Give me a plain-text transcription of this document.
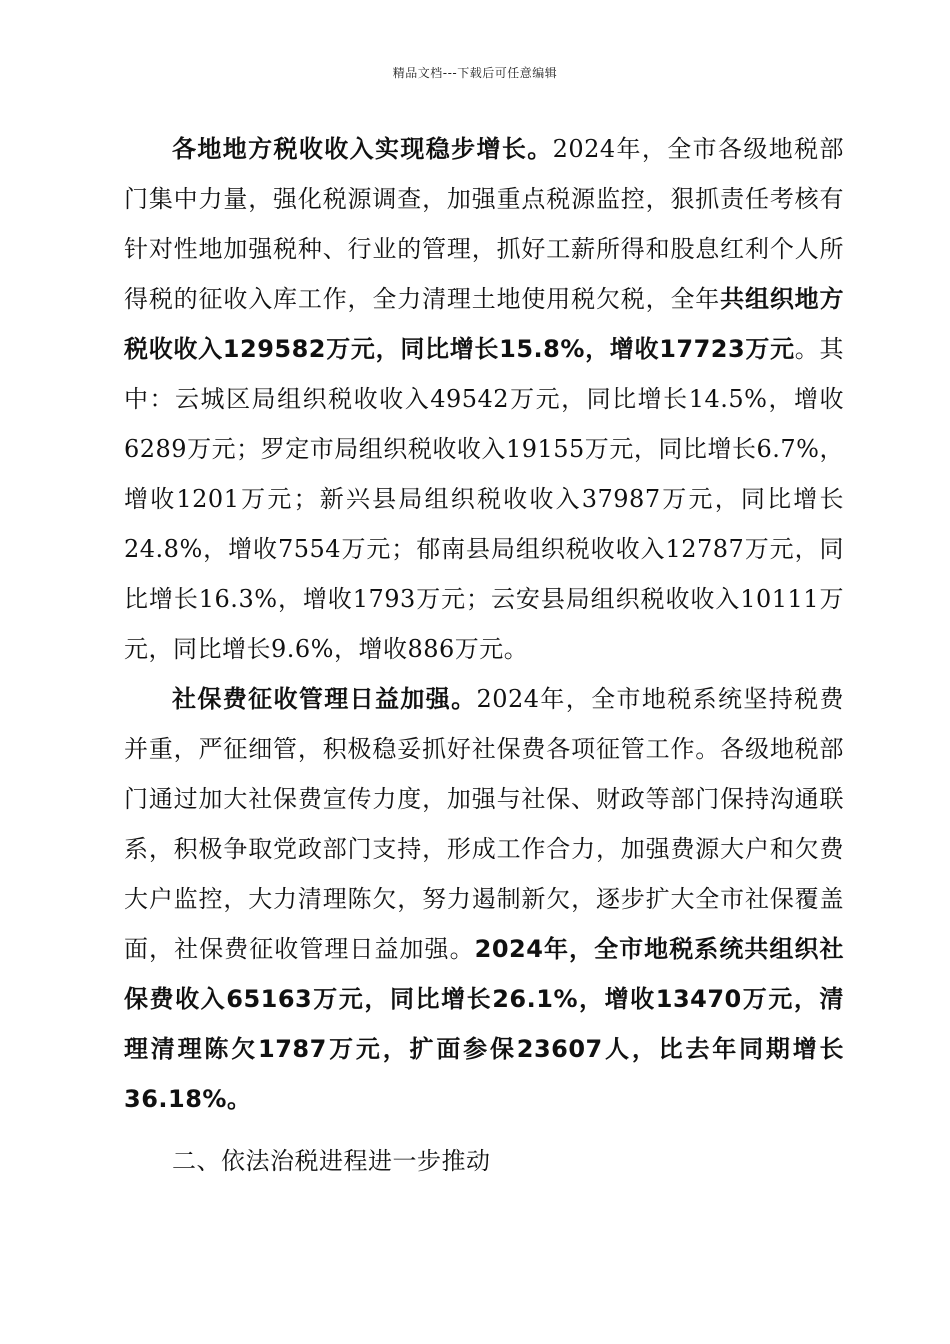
精品文档---下载后可任意编辑

各地地方税收收入实现稳步增长。2024年，全市各级地税部门集中力量，强化税源调查，加强重点税源监控，狠抓责任考核有针对性地加强税种、行业的管理，抓好工薪所得和股息红利个人所得税的征收入库工作，全力清理土地使用税欠税，全年共组织地方税收收入129582万元，同比增长15.8%，增收17723万元。其中：云城区局组织税收收入49542万元，同比增长14.5%，增收6289万元；罗定市局组织税收收入19155万元，同比增长6.7%，增收1201万元；新兴县局组织税收收入37987万元，同比增长24.8%，增收7554万元；郁南县局组织税收收入12787万元，同比增长16.3%，增收1793万元；云安县局组织税收收入10111万元，同比增长9.6%，增收886万元。

社保费征收管理日益加强。2024年，全市地税系统坚持税费并重，严征细管，积极稳妥抓好社保费各项征管工作。各级地税部门通过加大社保费宣传力度，加强与社保、财政等部门保持沟通联系，积极争取党政部门支持，形成工作合力，加强费源大户和欠费大户监控，大力清理陈欠，努力遏制新欠，逐步扩大全市社保覆盖面，社保费征收管理日益加强。2024年，全市地税系统共组织社保费收入65163万元，同比增长26.1%，增收13470万元，清理清理陈欠1787万元，扩面参保23607人，比去年同期增长36.18%。

二、依法治税进程进一步推动
